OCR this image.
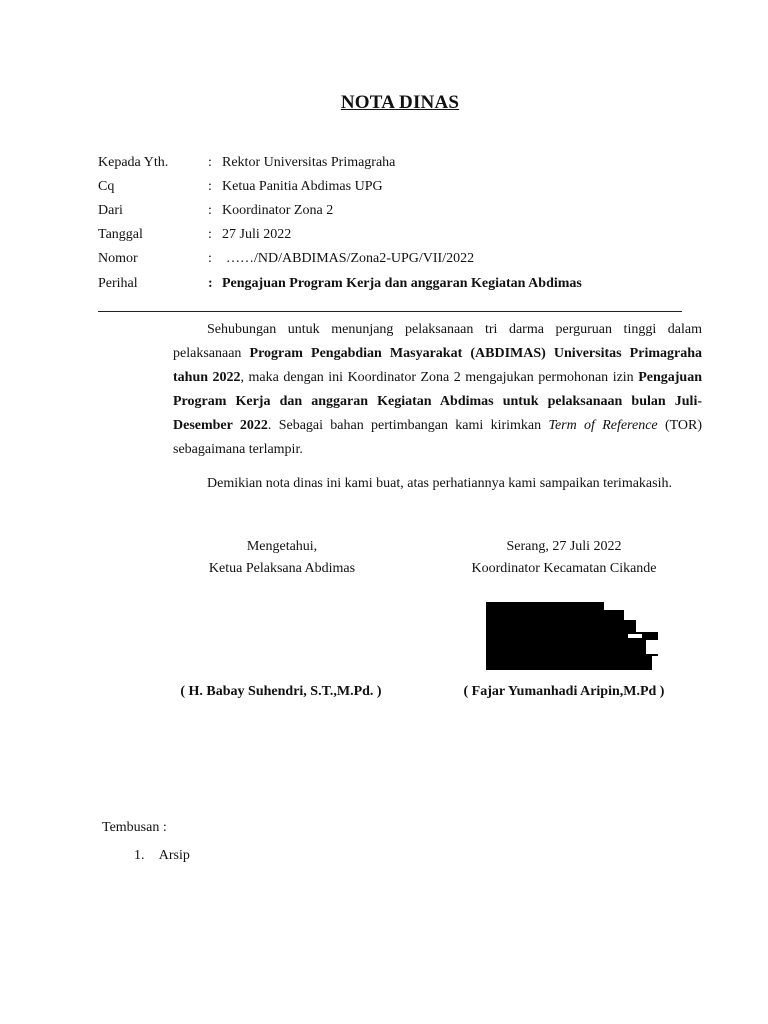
NOTA DINAS
Kepada Yth.	: Rektor Universitas Primagraha
Cq	: Ketua Panitia Abdimas UPG
Dari	: Koordinator Zona 2
Tanggal	: 27 Juli 2022
Nomor	:	……/ND/ABDIMAS/Zona2-UPG/VII/2022
Perihal	: Pengajuan Program Kerja dan anggaran Kegiatan Abdimas
Sehubungan untuk menunjang pelaksanaan tri darma perguruan tinggi dalam pelaksanaan Program Pengabdian Masyarakat (ABDIMAS) Universitas Primagraha tahun 2022, maka dengan ini Koordinator Zona 2 mengajukan permohonan izin Pengajuan Program Kerja dan anggaran Kegiatan Abdimas untuk pelaksanaan bulan Juli-Desember 2022. Sebagai bahan pertimbangan kami kirimkan Term of Reference (TOR) sebagaimana terlampir.
Demikian nota dinas ini kami buat, atas perhatiannya kami sampaikan terimakasih.
Mengetahui,
Ketua Pelaksana Abdimas
Serang, 27 Juli 2022
Koordinator Kecamatan Cikande
( H. Babay Suhendri, S.T.,M.Pd. )	( Fajar Yumanhadi Aripin,M.Pd )
Tembusan :
1. Arsip
